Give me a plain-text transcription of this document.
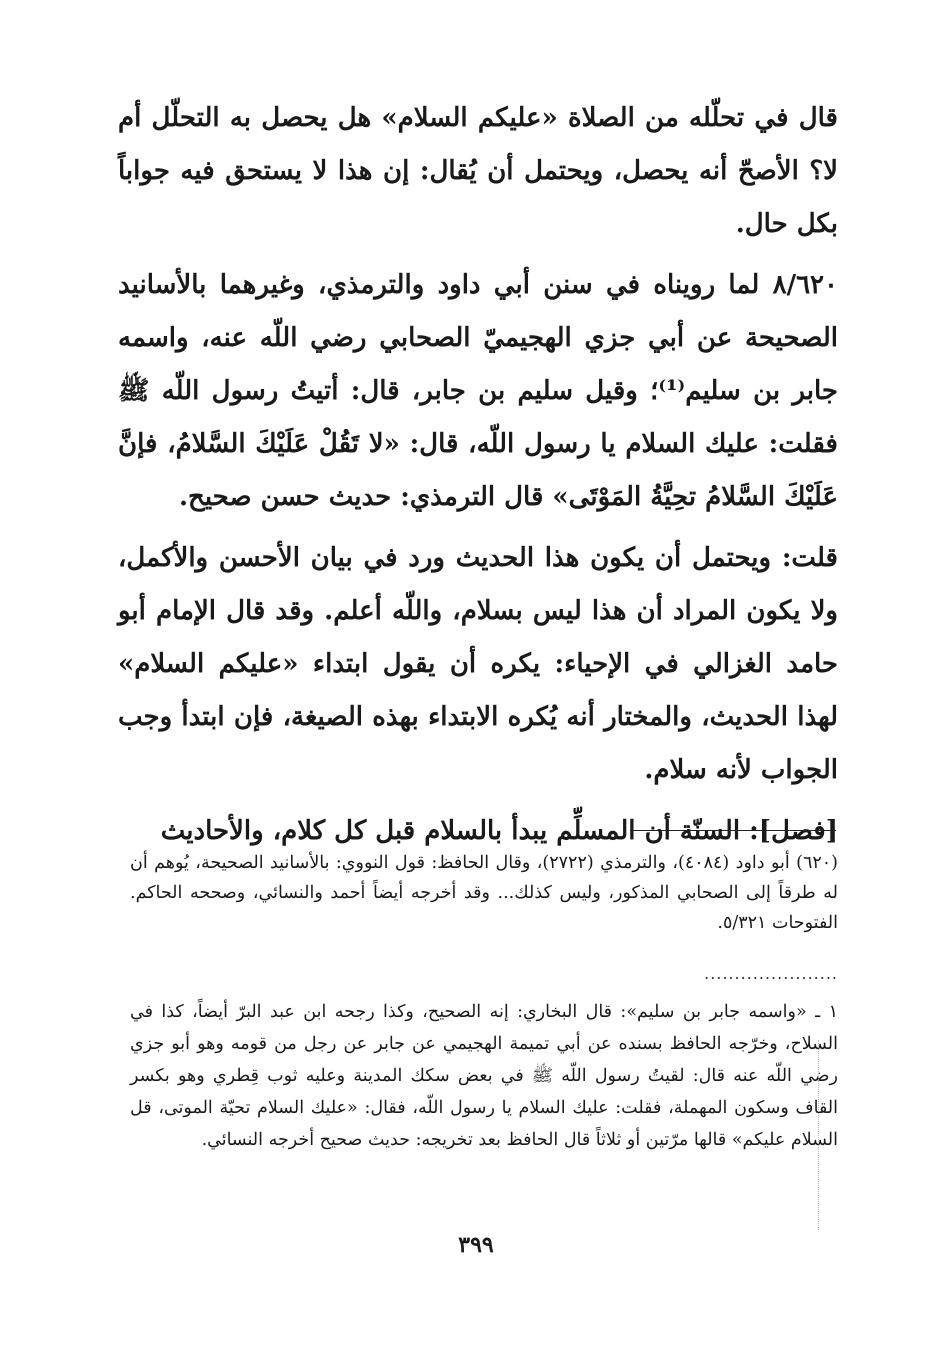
قال في تحلّله من الصلاة «عليكم السلام» هل يحصل به التحلّل أم لا؟ الأصحّ أنه يحصل، ويحتمل أن يُقال: إن هذا لا يستحق فيه جواباً بكل حال.

٨/٦٢٠ لما رويناه في سنن أبي داود والترمذي، وغيرهما بالأسانيد الصحيحة عن أبي جزي الهجيميّ الصحابي رضي اللّه عنه، واسمه جابر بن سليم⁽¹⁾؛ وقيل سليم بن جابر، قال: أتيتُ رسول اللّه ﷺ فقلت: عليك السلام يا رسول اللّه، قال: «لا تَقُلْ عَلَيْكَ السَّلامُ، فإنَّ عَلَيْكَ السَّلامُ تحِيَّةُ المَوْتَى» قال الترمذي: حديث حسن صحيح.

قلت: ويحتمل أن يكون هذا الحديث ورد في بيان الأحسن والأكمل، ولا يكون المراد أن هذا ليس بسلام، واللّه أعلم. وقد قال الإمام أبو حامد الغزالي في الإحياء: يكره أن يقول ابتداء «عليكم السلام» لهذا الحديث، والمختار أنه يُكره الابتداء بهذه الصيغة، فإن ابتدأ وجب الجواب لأنه سلام.

[فصل]: السنّة أن المسلِّم يبدأ بالسلام قبل كل كلام، والأحاديث

(٦٢٠) أبو داود (٤٠٨٤)، والترمذي (٢٧٢٢)، وقال الحافظ: قول النووي: بالأسانيد الصحيحة، يُوهم أن له طرقاً إلى الصحابي المذكور، وليس كذلك... وقد أخرجه أيضاً أحمد والنسائي، وصححه الحاكم. الفتوحات ٥/٣٢١.

......................

١ ـ «واسمه جابر بن سليم»: قال البخاري: إنه الصحيح، وكذا رجحه ابن عبد البرّ أيضاً، كذا في السلاح، وخرّجه الحافظ بسنده عن أبي تميمة الهجيمي عن جابر عن رجل من قومه وهو أبو جزي رضي اللّه عنه قال: لقيتُ رسول اللّه ﷺ في بعض سكك المدينة وعليه ثوب قِطري وهو بكسر القاف وسكون المهملة، فقلت: عليك السلام يا رسول اللّه، فقال: «عليك السلام تحيّة الموتى، قل السلام عليكم» قالها مرّتين أو ثلاثاً قال الحافظ بعد تخريجه: حديث صحيح أخرجه النسائي.

٣٩٩
